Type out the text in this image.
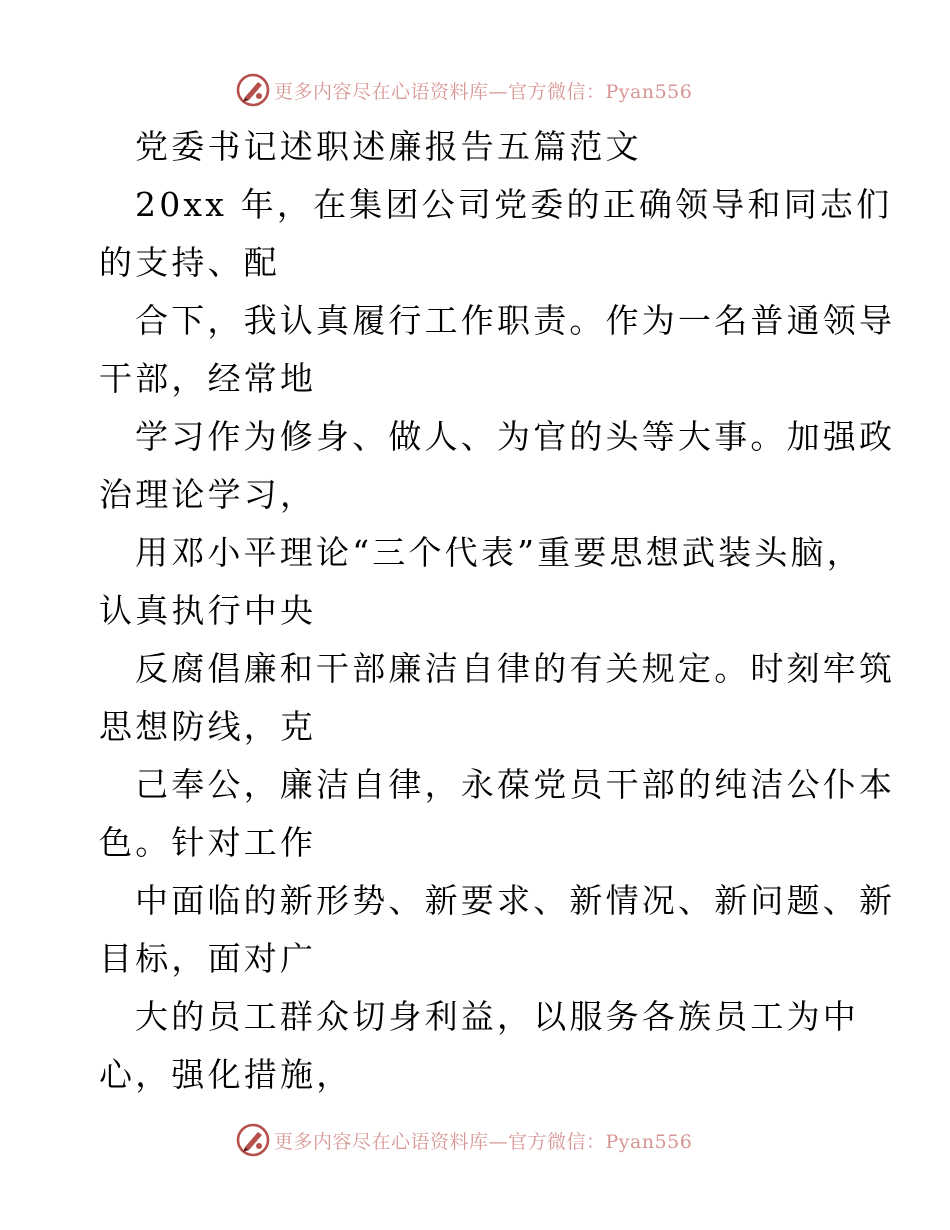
更多内容尽在心语资料库—官方微信：Pyan556
党委书记述职述廉报告五篇范文
20xx 年，在集团公司党委的正确领导和同志们
的支持、配
合下，我认真履行工作职责。作为一名普通领导
干部，经常地
学习作为修身、做人、为官的头等大事。加强政
治理论学习，
用邓小平理论“三个代表”重要思想武装头脑，
认真执行中央
反腐倡廉和干部廉洁自律的有关规定。时刻牢筑
思想防线，克
己奉公，廉洁自律，永葆党员干部的纯洁公仆本
色。针对工作
中面临的新形势、新要求、新情况、新问题、新
目标，面对广
大的员工群众切身利益，以服务各族员工为中
心，强化措施，
更多内容尽在心语资料库—官方微信：Pyan556
